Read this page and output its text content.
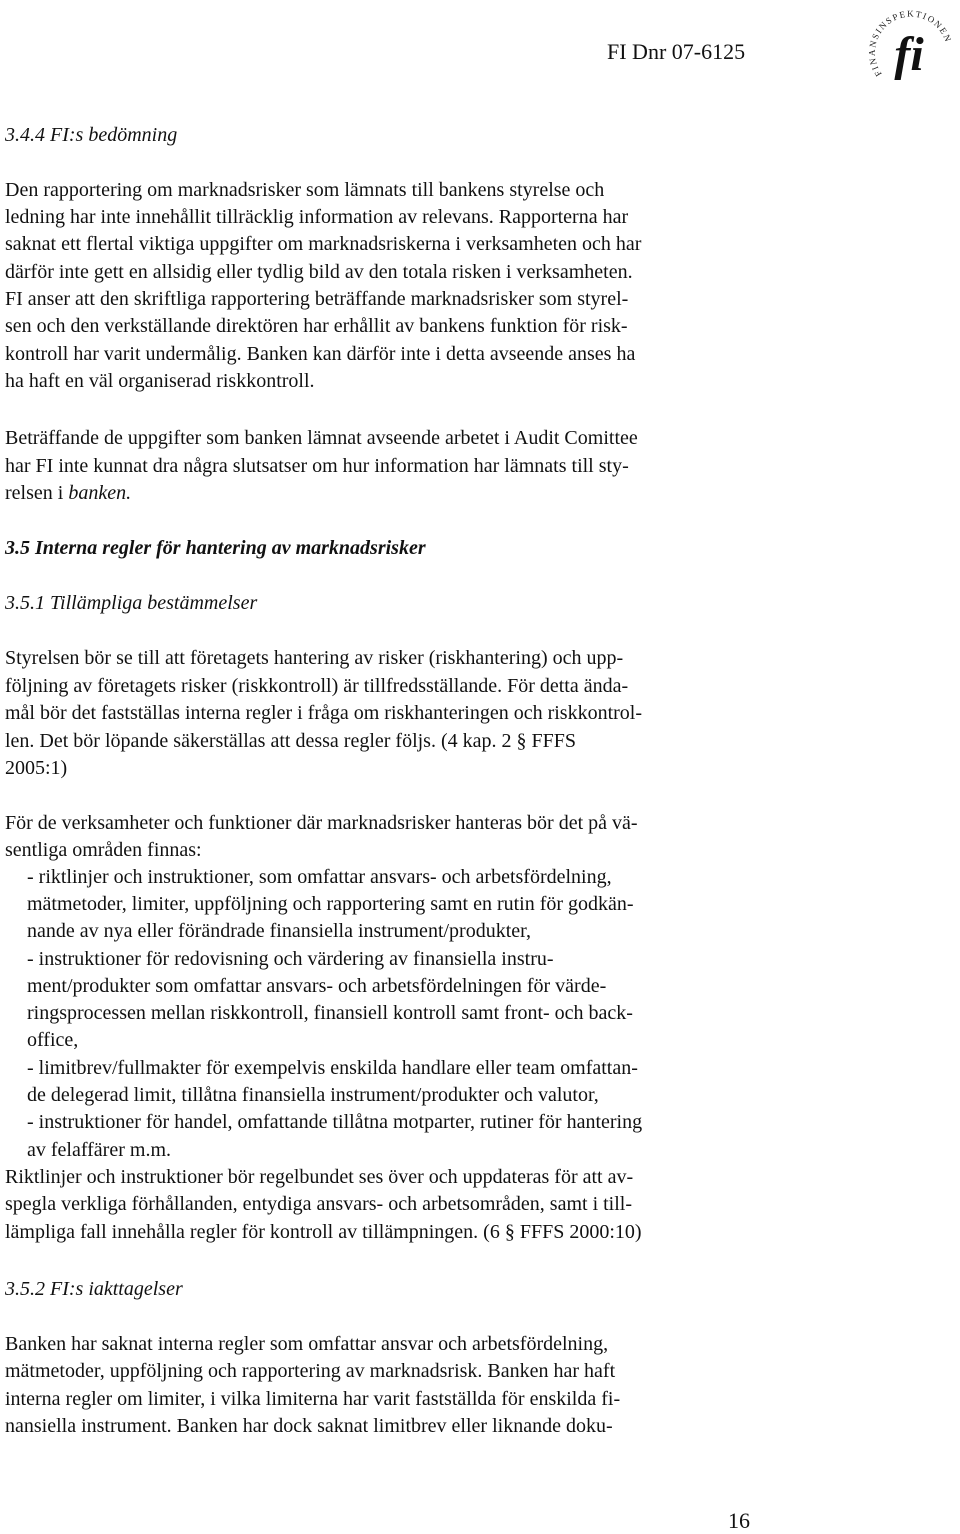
FI Dnr 07-6125
FINANSINSPEKTIONEN
fi
3.4.4 FI:s bedömning
Den rapportering om marknadsrisker som lämnats till bankens styrelse och
ledning har inte innehållit tillräcklig information av relevans. Rapporterna har
saknat ett flertal viktiga uppgifter om marknadsriskerna i verksamheten och har
därför inte gett en allsidig eller tydlig bild av den totala risken i verksamheten.
FI anser att den skriftliga rapportering beträffande marknadsrisker som styrel-
sen och den verkställande direktören har erhållit av bankens funktion för risk-
kontroll har varit undermålig. Banken kan därför inte i detta avseende anses ha
ha haft en väl organiserad riskkontroll.
Beträffande de uppgifter som banken lämnat avseende arbetet i Audit Comittee
har FI inte kunnat dra några slutsatser om hur information har lämnats till sty-
relsen i banken.
3.5 Interna regler för hantering av marknadsrisker
3.5.1 Tillämpliga bestämmelser
Styrelsen bör se till att företagets hantering av risker (riskhantering) och upp-
följning av företagets risker (riskkontroll) är tillfredsställande. För detta ända-
mål bör det fastställas interna regler i fråga om riskhanteringen och riskkontrol-
len. Det bör löpande säkerställas att dessa regler följs. (4 kap. 2 § FFFS
2005:1)
För de verksamheter och funktioner där marknadsrisker hanteras bör det på vä-
sentliga områden finnas:
- riktlinjer och instruktioner, som omfattar ansvars- och arbetsfördelning,
mätmetoder, limiter, uppföljning och rapportering samt en rutin för godkän-
nande av nya eller förändrade finansiella instrument/produkter,
- instruktioner för redovisning och värdering av finansiella instru-
ment/produkter som omfattar ansvars- och arbetsfördelningen för värde-
ringsprocessen mellan riskkontroll, finansiell kontroll samt front- och back-
office,
- limitbrev/fullmakter för exempelvis enskilda handlare eller team omfattan-
de delegerad limit, tillåtna finansiella instrument/produkter och valutor,
- instruktioner för handel, omfattande tillåtna motparter, rutiner för hantering
av felaffärer m.m.
Riktlinjer och instruktioner bör regelbundet ses över och uppdateras för att av-
spegla verkliga förhållanden, entydiga ansvars- och arbetsområden, samt i till-
lämpliga fall innehålla regler för kontroll av tillämpningen. (6 § FFFS 2000:10)
3.5.2 FI:s iakttagelser
Banken har saknat interna regler som omfattar ansvar och arbetsfördelning,
mätmetoder, uppföljning och rapportering av marknadsrisk. Banken har haft
interna regler om limiter, i vilka limiterna har varit fastställda för enskilda fi-
nansiella instrument. Banken har dock saknat limitbrev eller liknande doku-
16
